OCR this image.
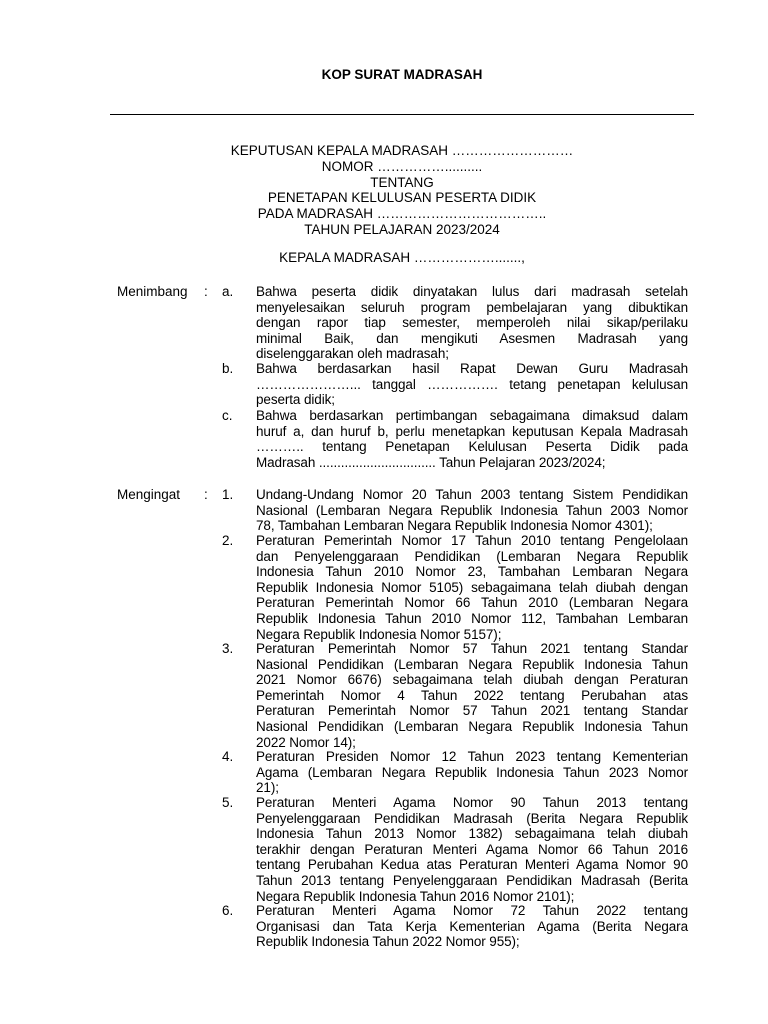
KOP SURAT MADRASAH
KEPUTUSAN KEPALA MADRASAH ………………………
NOMOR ……………..........
TENTANG
PENETAPAN KELULUSAN PESERTA DIDIK
PADA MADRASAH ………………………………..
TAHUN PELAJARAN 2023/2024
KEPALA MADRASAH ……………….......,
Menimbang : a. Bahwa peserta didik dinyatakan lulus dari madrasah setelah
menyelesaikan seluruh program pembelajaran yang dibuktikan
dengan rapor tiap semester, memperoleh nilai sikap/perilaku
minimal Baik, dan mengikuti Asesmen Madrasah yang
diselenggarakan oleh madrasah;
b. Bahwa berdasarkan hasil Rapat Dewan Guru Madrasah
…………………... tanggal ……………. tetang penetapan kelulusan
peserta didik;
c. Bahwa berdasarkan pertimbangan sebagaimana dimaksud dalam
huruf a, dan huruf b, perlu menetapkan keputusan Kepala Madrasah
……….. tentang Penetapan Kelulusan Peserta Didik pada
Madrasah ................................ Tahun Pelajaran 2023/2024;
Mengingat : 1. Undang-Undang Nomor 20 Tahun 2003 tentang Sistem Pendidikan
Nasional (Lembaran Negara Republik Indonesia Tahun 2003 Nomor
78, Tambahan Lembaran Negara Republik Indonesia Nomor 4301);
2. Peraturan Pemerintah Nomor 17 Tahun 2010 tentang Pengelolaan
dan Penyelenggaraan Pendidikan (Lembaran Negara Republik
Indonesia Tahun 2010 Nomor 23, Tambahan Lembaran Negara
Republik Indonesia Nomor 5105) sebagaimana telah diubah dengan
Peraturan Pemerintah Nomor 66 Tahun 2010 (Lembaran Negara
Republik Indonesia Tahun 2010 Nomor 112, Tambahan Lembaran
Negara Republik Indonesia Nomor 5157);
3. Peraturan Pemerintah Nomor 57 Tahun 2021 tentang Standar
Nasional Pendidikan (Lembaran Negara Republik Indonesia Tahun
2021 Nomor 6676) sebagaimana telah diubah dengan Peraturan
Pemerintah Nomor 4 Tahun 2022 tentang Perubahan atas
Peraturan Pemerintah Nomor 57 Tahun 2021 tentang Standar
Nasional Pendidikan (Lembaran Negara Republik Indonesia Tahun
2022 Nomor 14);
4. Peraturan Presiden Nomor 12 Tahun 2023 tentang Kementerian
Agama (Lembaran Negara Republik Indonesia Tahun 2023 Nomor
21);
5. Peraturan Menteri Agama Nomor 90 Tahun 2013 tentang
Penyelenggaraan Pendidikan Madrasah (Berita Negara Republik
Indonesia Tahun 2013 Nomor 1382) sebagaimana telah diubah
terakhir dengan Peraturan Menteri Agama Nomor 66 Tahun 2016
tentang Perubahan Kedua atas Peraturan Menteri Agama Nomor 90
Tahun 2013 tentang Penyelenggaraan Pendidikan Madrasah (Berita
Negara Republik Indonesia Tahun 2016 Nomor 2101);
6. Peraturan Menteri Agama Nomor 72 Tahun 2022 tentang
Organisasi dan Tata Kerja Kementerian Agama (Berita Negara
Republik Indonesia Tahun 2022 Nomor 955);
